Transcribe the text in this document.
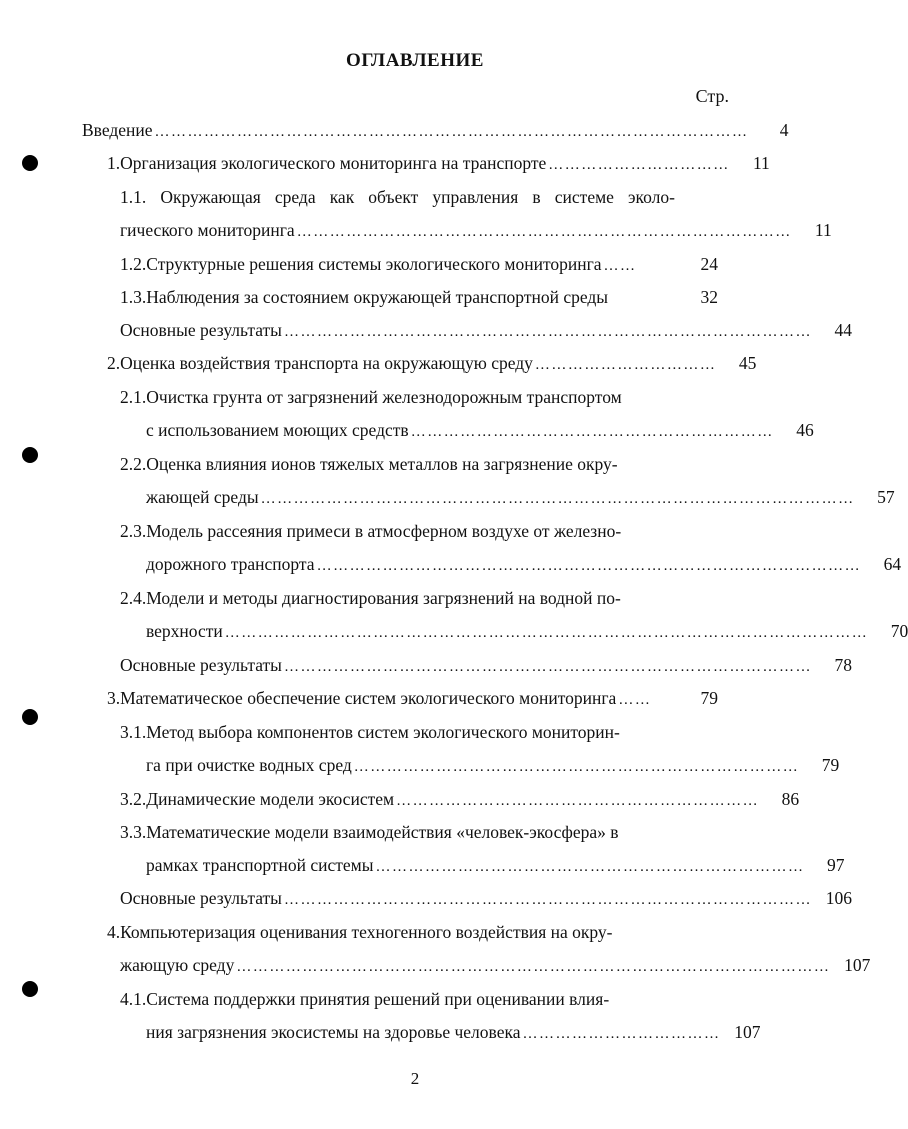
ОГЛАВЛЕНИЕ
Стр.
Введение ………………………………………………………………………………………………	4
1.Организация экологического мониторинга на транспорте ……………………………	11
1.1. Окружающая среда как объект управления в системе эколо-
гического мониторинга ………………………………………………………………………………	11
1.2.Структурные решения системы экологического мониторинга ……	24
1.3.Наблюдения за состоянием окружающей транспортной среды	32
Основные результаты ……………………………………………………………………………………	44
2.Оценка воздействия транспорта на окружающую среду ……………………………	45
2.1.Очистка грунта от загрязнений железнодорожным транспортом
с использованием моющих средств …………………………………………………………	46
2.2.Оценка влияния ионов тяжелых металлов на загрязнение окру-
жающей среды ………………………………………………………………………………………………	57
2.3.Модель рассеяния примеси в атмосферном воздухе от железно-
дорожного транспорта ………………………………………………………………………………………	64
2.4.Модели и методы диагностирования загрязнений на водной по-
верхности ………………………………………………………………………………………………………	70
Основные результаты ……………………………………………………………………………………	78
3.Математическое обеспечение систем экологического мониторинга ……	79
3.1.Метод выбора компонентов систем экологического мониторин-
га при очистке водных сред ………………………………………………………………………	79
3.2.Динамические модели экосистем …………………………………………………………	86
3.3.Математические модели взаимодействия «человек-экосфера» в
рамках транспортной системы ……………………………………………………………………	97
Основные результаты …………………………………………………………………………………… 106
4.Компьютеризация оценивания техногенного воздействия на окру-
жающую среду ……………………………………………………………………………………………… 107
4.1.Система поддержки принятия решений при оценивании влия-
ния загрязнения экосистемы на здоровье человека ……………………………… 107
2
